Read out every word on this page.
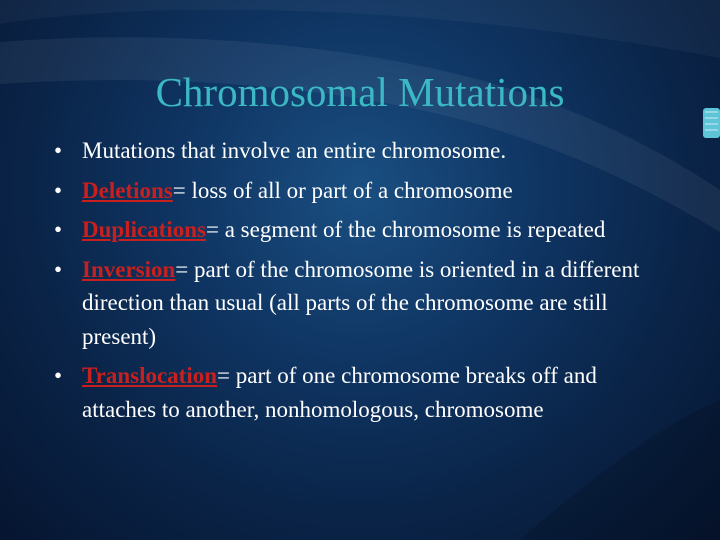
Chromosomal Mutations
• Mutations that involve an entire chromosome.
• Deletions= loss of all or part of a chromosome
• Duplications= a segment of the chromosome is repeated
• Inversion= part of the chromosome is oriented in a different direction than usual (all parts of the chromosome are still present)
• Translocation= part of one chromosome breaks off and attaches to another, nonhomologous, chromosome
